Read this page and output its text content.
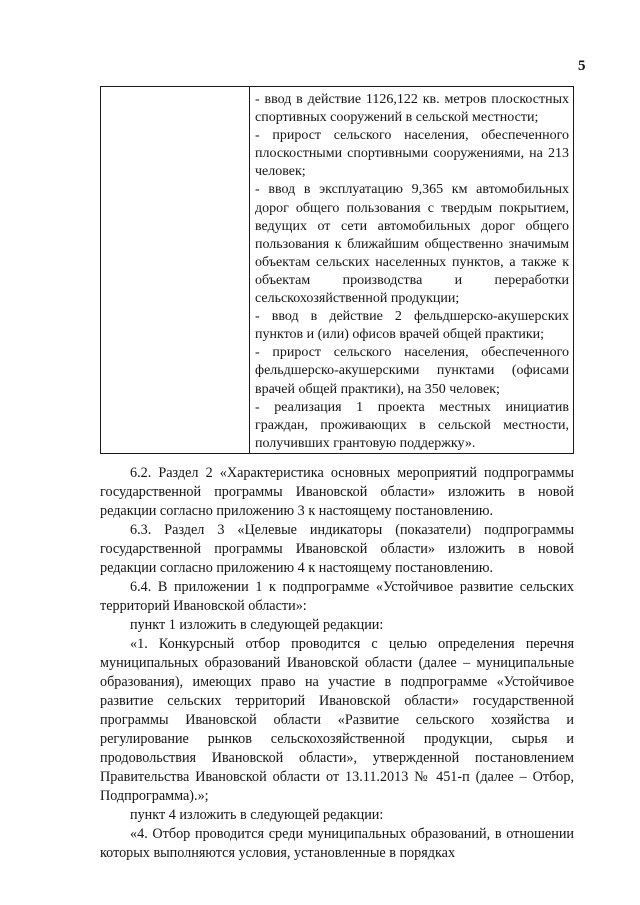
5

- ввод в действие 1126,122 кв. метров плоскостных спортивных сооружений в сельской местности;

- прирост сельского населения, обеспеченного плоскостными спортивными сооружениями, на 213 человек;

- ввод в эксплуатацию 9,365 км автомобильных дорог общего пользования с твердым покрытием, ведущих от сети автомобильных дорог общего пользования к ближайшим общественно значимым объектам сельских населенных пунктов, а также к объектам производства и переработки сельскохозяйственной продукции;

- ввод в действие 2 фельдшерско-акушерских пунктов и (или) офисов врачей общей практики;

- прирост сельского населения, обеспеченного фельдшерско-акушерскими пунктами (офисами врачей общей практики), на 350 человек;

- реализация 1 проекта местных инициатив граждан, проживающих в сельской местности, получивших грантовую поддержку».

6.2. Раздел 2 «Характеристика основных мероприятий подпрограммы государственной программы Ивановской области» изложить в новой редакции согласно приложению 3 к настоящему постановлению.

6.3. Раздел 3 «Целевые индикаторы (показатели) подпрограммы государственной программы Ивановской области» изложить в новой редакции согласно приложению 4 к настоящему постановлению.

6.4. В приложении 1 к подпрограмме «Устойчивое развитие сельских территорий Ивановской области»:

пункт 1 изложить в следующей редакции:

«1. Конкурсный отбор проводится с целью определения перечня муниципальных образований Ивановской области (далее – муниципальные образования), имеющих право на участие в подпрограмме «Устойчивое развитие сельских территорий Ивановской области» государственной программы Ивановской области «Развитие сельского хозяйства и регулирование рынков сельскохозяйственной продукции, сырья и продовольствия Ивановской области», утвержденной постановлением Правительства Ивановской области от 13.11.2013 № 451-п (далее – Отбор, Подпрограмма).»;

пункт 4 изложить в следующей редакции:

«4. Отбор проводится среди муниципальных образований, в отношении которых выполняются условия, установленные в порядках
